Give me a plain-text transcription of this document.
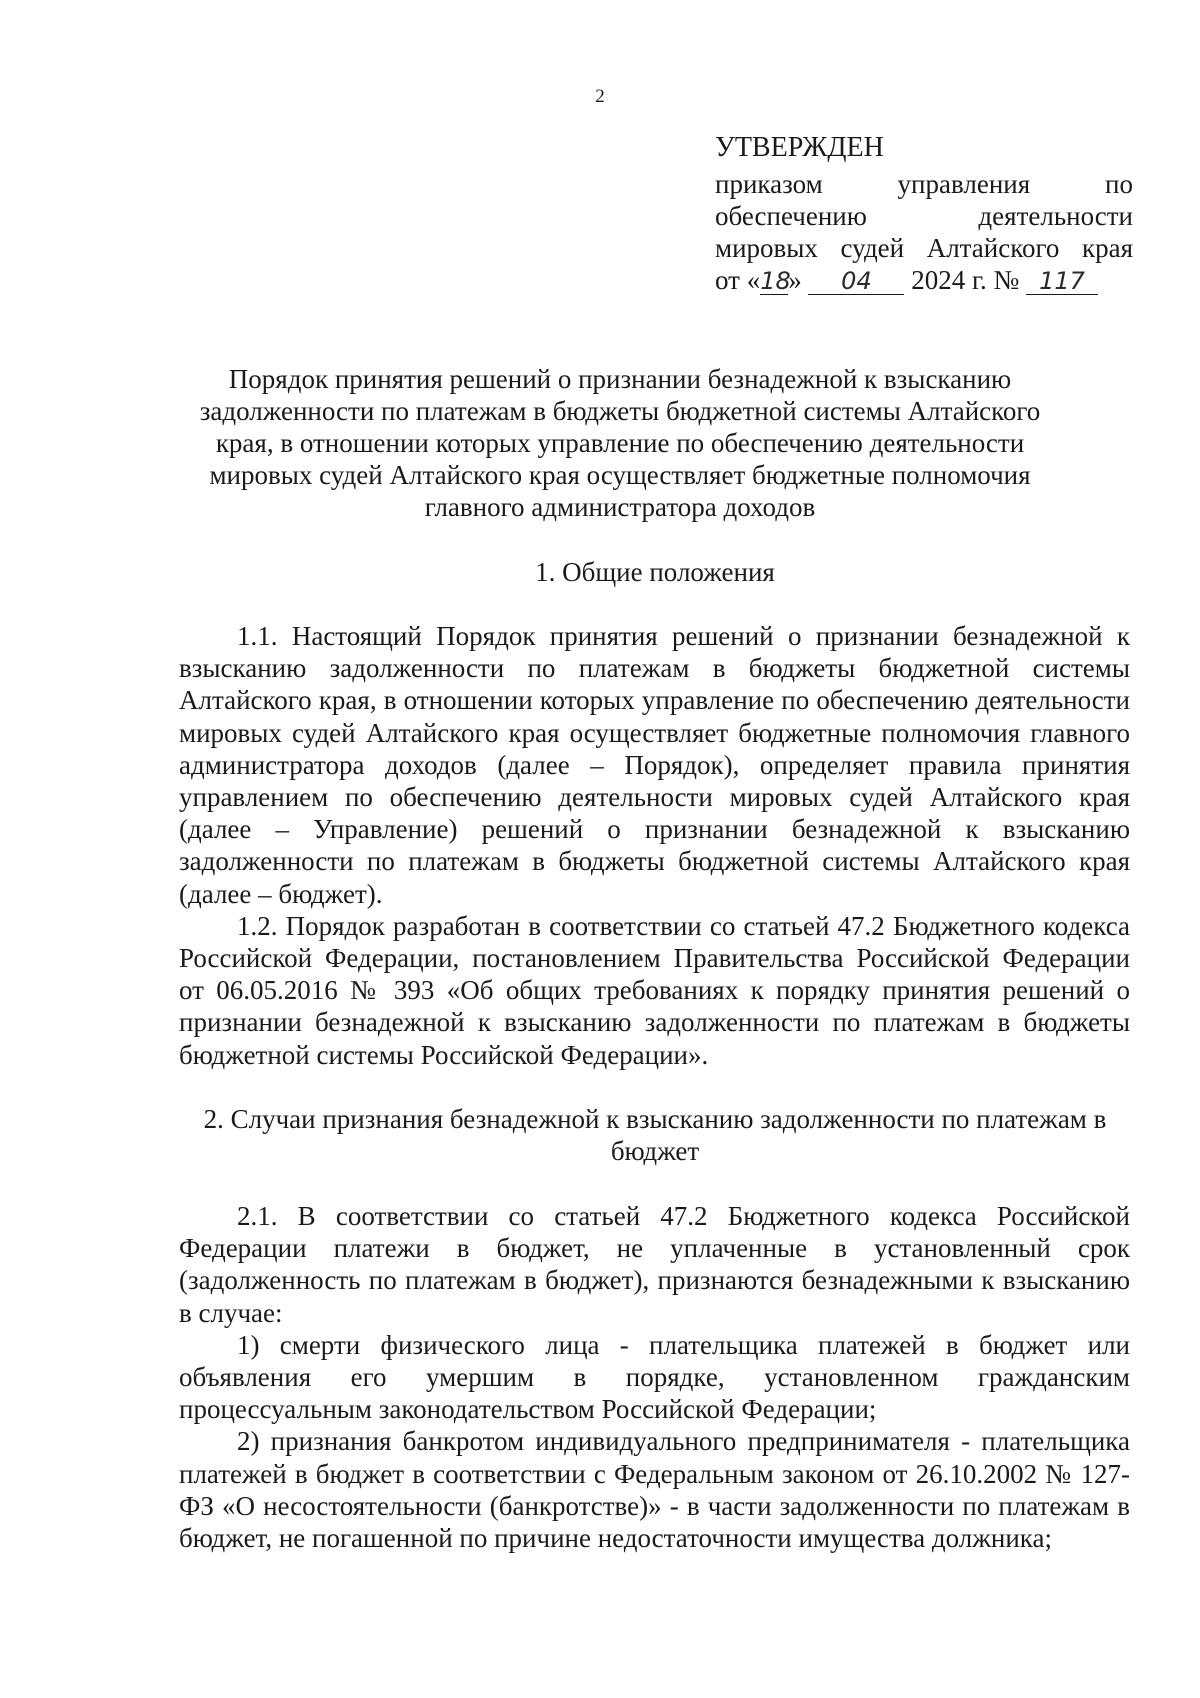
2
УТВЕРЖДЕН
приказом управления по
обеспечению деятельности
мировых судей Алтайского края
от «18» 04 2024 г. № 117
Порядок принятия решений о признании безнадежной к взысканию задолженности по платежам в бюджеты бюджетной системы Алтайского края, в отношении которых управление по обеспечению деятельности мировых судей Алтайского края осуществляет бюджетные полномочия главного администратора доходов
1. Общие положения

1.1. Настоящий Порядок принятия решений о признании безнадежной к взысканию задолженности по платежам в бюджеты бюджетной системы Алтайского края, в отношении которых управление по обеспечению деятельности мировых судей Алтайского края осуществляет бюджетные полномочия главного администратора доходов (далее – Порядок), определяет правила принятия управлением по обеспечению деятельности мировых судей Алтайского края (далее – Управление) решений о признании безнадежной к взысканию задолженности по платежам в бюджеты бюджетной системы Алтайского края (далее – бюджет).

1.2. Порядок разработан в соответствии со статьей 47.2 Бюджетного кодекса Российской Федерации, постановлением Правительства Российской Федерации от 06.05.2016 № 393 «Об общих требованиях к порядку принятия решений о признании безнадежной к взысканию задолженности по платежам в бюджеты бюджетной системы Российской Федерации».

2. Случаи признания безнадежной к взысканию задолженности по платежам в бюджет

2.1. В соответствии со статьей 47.2 Бюджетного кодекса Российской Федерации платежи в бюджет, не уплаченные в установленный срок (задолженность по платежам в бюджет), признаются безнадежными к взысканию в случае:

1) смерти физического лица - плательщика платежей в бюджет или объявления его умершим в порядке, установленном гражданским процессуальным законодательством Российской Федерации;

2) признания банкротом индивидуального предпринимателя - плательщика платежей в бюджет в соответствии с Федеральным законом от 26.10.2002 № 127-ФЗ «О несостоятельности (банкротстве)» - в части задолженности по платежам в бюджет, не погашенной по причине недостаточности имущества должника;
